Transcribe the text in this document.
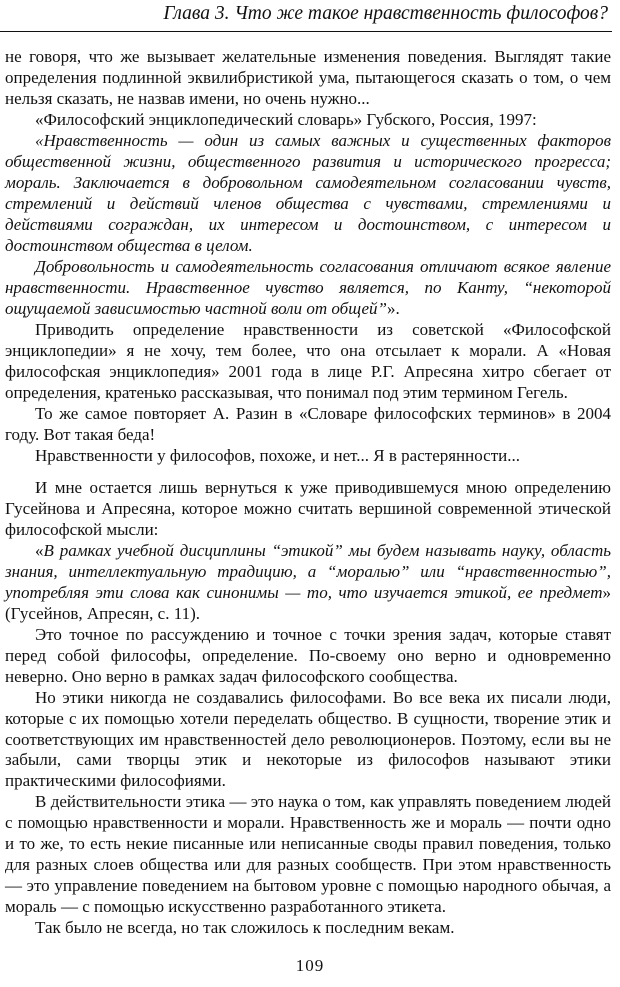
Глава 3. Что же такое нравственность философов?

не говоря, что же вызывает желательные изменения поведения. Выглядят такие определения подлинной эквилибристикой ума, пытающегося сказать о том, о чем нельзя сказать, не назвав имени, но очень нужно...

«Философский энциклопедический словарь» Губского, Россия, 1997:

«Нравственность — один из самых важных и существенных факторов общественной жизни, общественного развития и исторического прогресса; мораль. Заключается в добровольном самодеятельном согласовании чувств, стремлений и действий членов общества с чувствами, стремлениями и действиями сограждан, их интересом и достоинством, с интересом и достоинством общества в целом.

Добровольность и самодеятельность согласования отличают всякое явление нравственности. Нравственное чувство является, по Канту, “некоторой ощущаемой зависимостью частной воли от общей”».

Приводить определение нравственности из советской «Философской энциклопедии» я не хочу, тем более, что она отсылает к морали. А «Новая философская энциклопедия» 2001 года в лице Р.Г. Апресяна хитро сбегает от определения, кратенько рассказывая, что понимал под этим термином Гегель.

То же самое повторяет А. Разин в «Словаре философских терминов» в 2004 году. Вот такая беда!

Нравственности у философов, похоже, и нет... Я в растерянности...

И мне остается лишь вернуться к уже приводившемуся мною определению Гусейнова и Апресяна, которое можно считать вершиной современной этической философской мысли:

«В рамках учебной дисциплины “этикой” мы будем называть науку, область знания, интеллектуальную традицию, а “моралью” или “нравственностью”, употребляя эти слова как синонимы — то, что изучается этикой, ее предмет» (Гусейнов, Апресян, с. 11).

Это точное по рассуждению и точное с точки зрения задач, которые ставят перед собой философы, определение. По-своему оно верно и одновременно неверно. Оно верно в рамках задач философского сообщества.

Но этики никогда не создавались философами. Во все века их писали люди, которые с их помощью хотели переделать общество. В сущности, творение этик и соответствующих им нравственностей дело революционеров. Поэтому, если вы не забыли, сами творцы этик и некоторые из философов называют этики практическими философиями.

В действительности этика — это наука о том, как управлять поведением людей с помощью нравственности и морали. Нравственность же и мораль — почти одно и то же, то есть некие писанные или неписанные своды правил поведения, только для разных слоев общества или для разных сообществ. При этом нравственность — это управление поведением на бытовом уровне с помощью народного обычая, а мораль — с помощью искусственно разработанного этикета.

Так было не всегда, но так сложилось к последним векам.

109
